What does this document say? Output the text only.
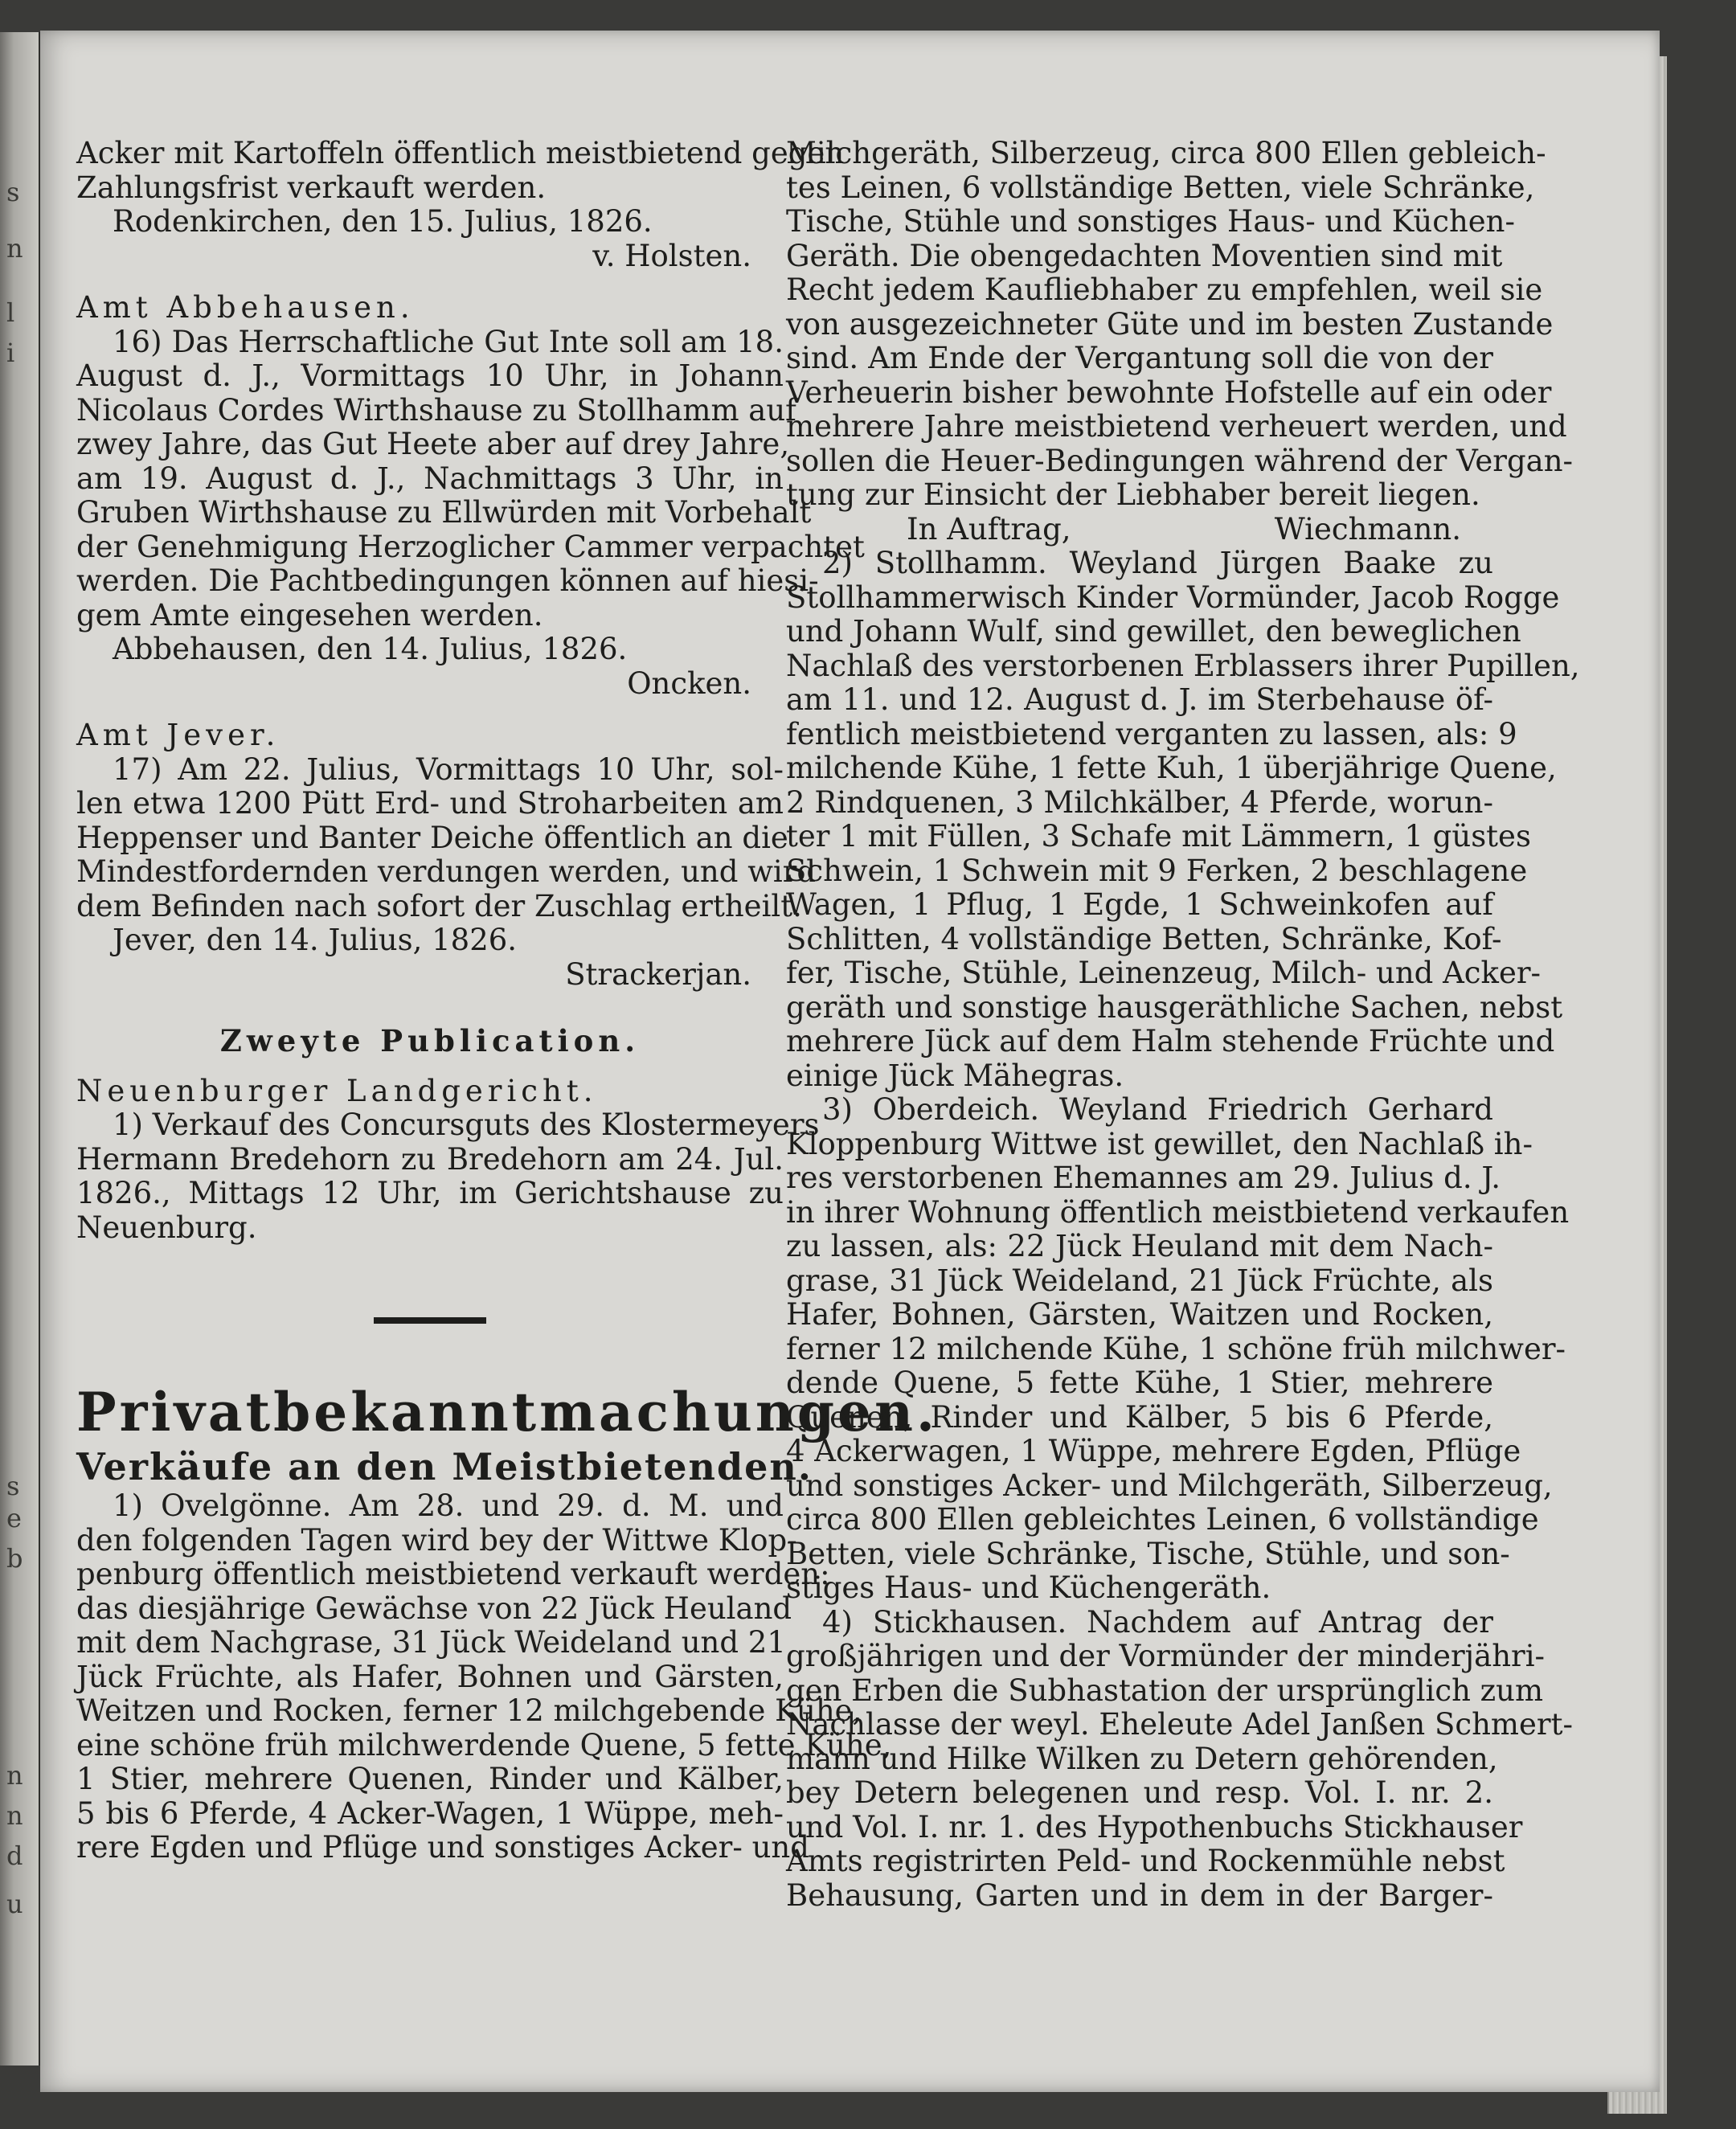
s
n
l
i
s
e
b
n
n
d
u

Acker mit Kartoffeln öffentlich meistbietend gegen

Zahlungsfrist verkauft werden.

Rodenkirchen, den 15. Julius, 1826.

v. Holsten.

Amt Abbehausen.

16) Das Herrschaftliche Gut Inte soll am 18.

August d. J., Vormittags 10 Uhr, in Johann

Nicolaus Cordes Wirthshause zu Stollhamm auf

zwey Jahre, das Gut Heete aber auf drey Jahre,

am 19. August d. J., Nachmittags 3 Uhr, in

Gruben Wirthshause zu Ellwürden mit Vorbehalt

der Genehmigung Herzoglicher Cammer verpachtet

werden. Die Pachtbedingungen können auf hiesi-

gem Amte eingesehen werden.

Abbehausen, den 14. Julius, 1826.

Oncken.

Amt Jever.

17) Am 22. Julius, Vormittags 10 Uhr, sol-

len etwa 1200 Pütt Erd- und Stroharbeiten am

Heppenser und Banter Deiche öffentlich an die

Mindestfordernden verdungen werden, und wird

dem Befinden nach sofort der Zuschlag ertheilt.

Jever, den 14. Julius, 1826.

Strackerjan.

Zweyte Publication.

Neuenburger Landgericht.

1) Verkauf des Concursguts des Klostermeyers

Hermann Bredehorn zu Bredehorn am 24. Jul.

1826., Mittags 12 Uhr, im Gerichtshause zu

Neuenburg.

Privatbekanntmachungen.

Verkäufe an den Meistbietenden.

1) Ovelgönne. Am 28. und 29. d. M. und

den folgenden Tagen wird bey der Wittwe Klop-

penburg öffentlich meistbietend verkauft werden:

das diesjährige Gewächse von 22 Jück Heuland

mit dem Nachgrase, 31 Jück Weideland und 21

Jück Früchte, als Hafer, Bohnen und Gärsten,

Weitzen und Rocken, ferner 12 milchgebende Kühe,

eine schöne früh milchwerdende Quene, 5 fette Kühe,

1 Stier, mehrere Quenen, Rinder und Kälber,

5 bis 6 Pferde, 4 Acker-Wagen, 1 Wüppe, meh-

rere Egden und Pflüge und sonstiges Acker- und

Milchgeräth, Silberzeug, circa 800 Ellen gebleich-

tes Leinen, 6 vollständige Betten, viele Schränke,

Tische, Stühle und sonstiges Haus- und Küchen-

Geräth. Die obengedachten Moventien sind mit

Recht jedem Kaufliebhaber zu empfehlen, weil sie

von ausgezeichneter Güte und im besten Zustande

sind. Am Ende der Vergantung soll die von der

Verheuerin bisher bewohnte Hofstelle auf ein oder

mehrere Jahre meistbietend verheuert werden, und

sollen die Heuer-Bedingungen während der Vergan-

tung zur Einsicht der Liebhaber bereit liegen.

In Auftrag,	Wiechmann.

2) Stollhamm. Weyland Jürgen Baake zu

Stollhammerwisch Kinder Vormünder, Jacob Rogge

und Johann Wulf, sind gewillet, den beweglichen

Nachlaß des verstorbenen Erblassers ihrer Pupillen,

am 11. und 12. August d. J. im Sterbehause öf-

fentlich meistbietend verganten zu lassen, als: 9

milchende Kühe, 1 fette Kuh, 1 überjährige Quene,

2 Rindquenen, 3 Milchkälber, 4 Pferde, worun-

ter 1 mit Füllen, 3 Schafe mit Lämmern, 1 güstes

Schwein, 1 Schwein mit 9 Ferken, 2 beschlagene

Wagen, 1 Pflug, 1 Egde, 1 Schweinkofen auf

Schlitten, 4 vollständige Betten, Schränke, Kof-

fer, Tische, Stühle, Leinenzeug, Milch- und Acker-

geräth und sonstige hausgeräthliche Sachen, nebst

mehrere Jück auf dem Halm stehende Früchte und

einige Jück Mähegras.

3) Oberdeich. Weyland Friedrich Gerhard

Kloppenburg Wittwe ist gewillet, den Nachlaß ih-

res verstorbenen Ehemannes am 29. Julius d. J.

in ihrer Wohnung öffentlich meistbietend verkaufen

zu lassen, als: 22 Jück Heuland mit dem Nach-

grase, 31 Jück Weideland, 21 Jück Früchte, als

Hafer, Bohnen, Gärsten, Waitzen und Rocken,

ferner 12 milchende Kühe, 1 schöne früh milchwer-

dende Quene, 5 fette Kühe, 1 Stier, mehrere

Quenen, Rinder und Kälber, 5 bis 6 Pferde,

4 Ackerwagen, 1 Wüppe, mehrere Egden, Pflüge

und sonstiges Acker- und Milchgeräth, Silberzeug,

circa 800 Ellen gebleichtes Leinen, 6 vollständige

Betten, viele Schränke, Tische, Stühle, und son-

stiges Haus- und Küchengeräth.

4) Stickhausen. Nachdem auf Antrag der

großjährigen und der Vormünder der minderjähri-

gen Erben die Subhastation der ursprünglich zum

Nachlasse der weyl. Eheleute Adel Janßen Schmert-

mann und Hilke Wilken zu Detern gehörenden,

bey Detern belegenen und resp. Vol. I. nr. 2.

und Vol. I. nr. 1. des Hypothenbuchs Stickhauser

Amts registrirten Peld- und Rockenmühle nebst

Behausung, Garten und in dem in der Barger-
